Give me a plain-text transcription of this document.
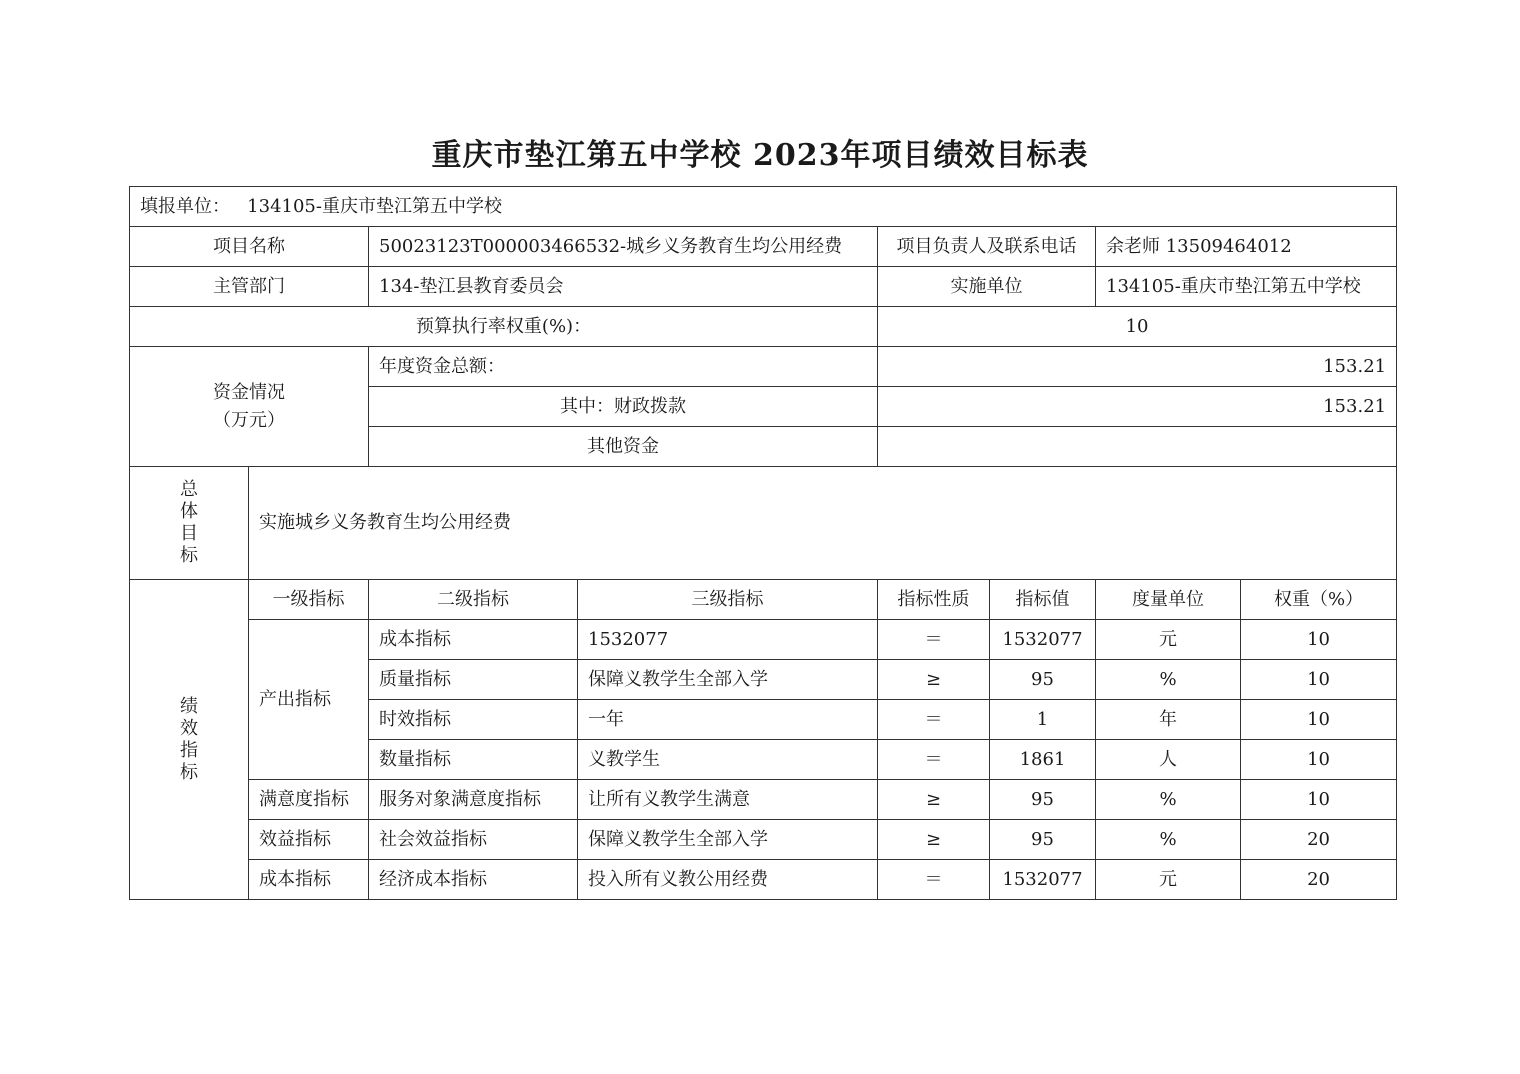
重庆市垫江第五中学校 2023年项目绩效目标表
填报单位： 134105-重庆市垫江第五中学校							
项目名称		50023123T000003466532-城乡义务教育生均公用经费		项目负责人及联系电话		余老师 13509464012	
主管部门		134-垫江县教育委员会		实施单位		134105-重庆市垫江第五中学校	
预算执行率权重(%)：				10			
资金情况
（万元）		年度资金总额：		153.21			
		其中：财政拨款		153.21			
		其他资金					

总
体
目
标	实施城乡义务教育生均公用经费						

绩
效
指
标	一级指标	二级指标	三级指标	指标性质	指标值	度量单位	权重（%）
	产出指标	成本指标	1532077	＝	1532077	元	10
		质量指标	保障义教学生全部入学	≥	95	%	10
		时效指标	一年	＝	1	年	10
		数量指标	义教学生	＝	1861	人	10
	满意度指标	服务对象满意度指标	让所有义教学生满意	≥	95	%	10
	效益指标	社会效益指标	保障义教学生全部入学	≥	95	%	20
	成本指标	经济成本指标	投入所有义教公用经费	＝	1532077	元	20
